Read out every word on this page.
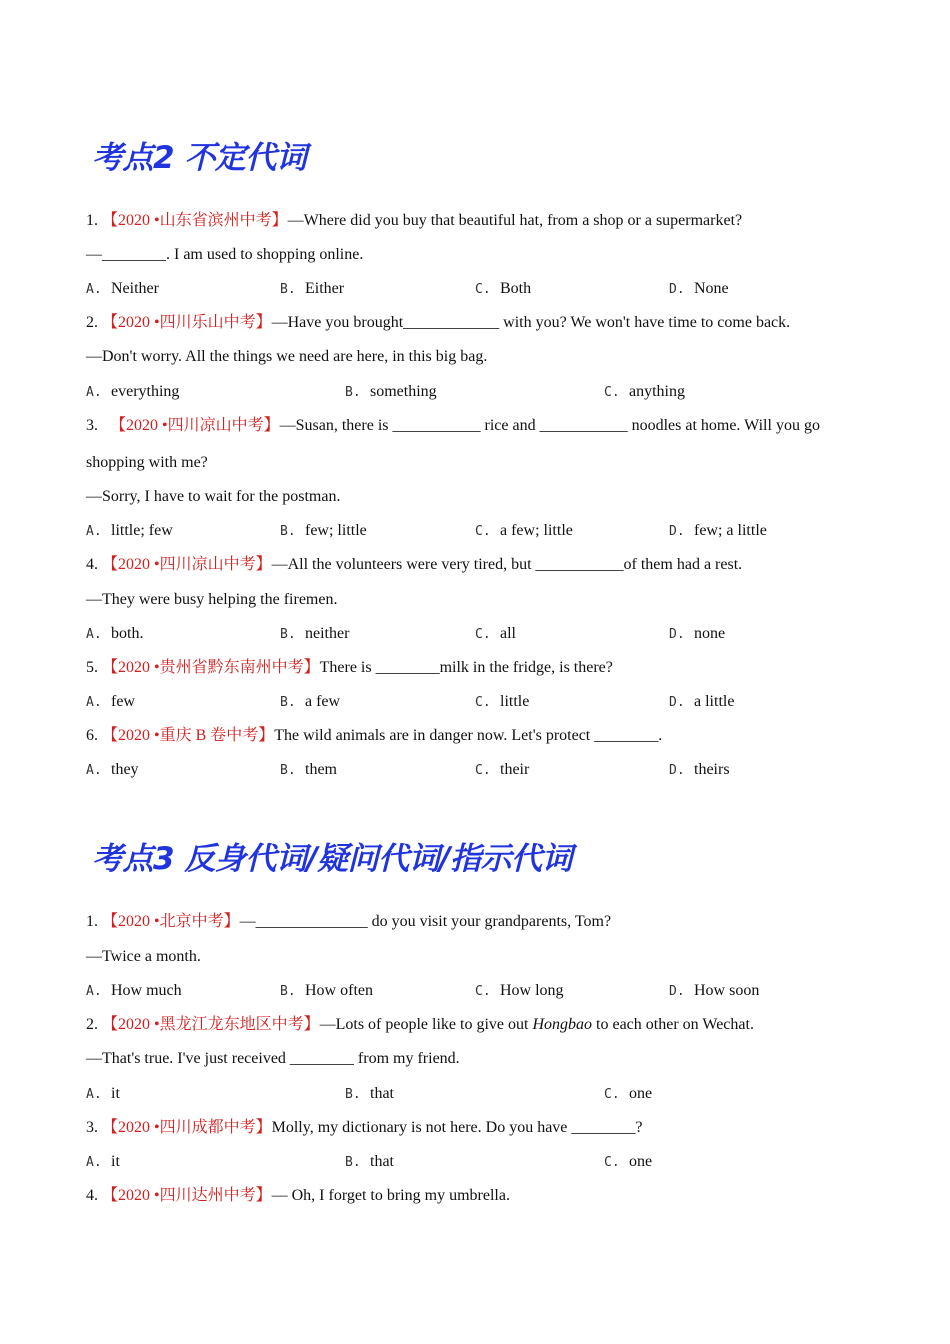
考点2 不定代词
1. 【2020 •山东省滨州中考】—Where did you buy that beautiful hat, from a shop or a supermarket?
—________. I am used to shopping online.
A. Neither	B. Either	C. Both	D. None
2. 【2020 •四川乐山中考】—Have you brought____________ with you? We won't have time to come back.
—Don't worry. All the things we need are here, in this big bag.
A. everything	B. something	C. anything
3. 【2020 •四川凉山中考】—Susan, there is ___________ rice and ___________ noodles at home. Will you go
shopping with me?
—Sorry, I have to wait for the postman.
A. little; few	B. few; little	C. a few; little	D. few; a little
4. 【2020 •四川凉山中考】—All the volunteers were very tired, but ___________of them had a rest.
—They were busy helping the firemen.
A. both.	B. neither	C. all	D. none
5. 【2020 •贵州省黔东南州中考】There is ________milk in the fridge, is there?
A. few	B. a few	C. little	D. a little
6. 【2020 •重庆 B 卷中考】The wild animals are in danger now. Let's protect ________.
A. they	B. them	C. their	D. theirs
考点3 反身代词/疑问代词/指示代词
1. 【2020 •北京中考】—______________ do you visit your grandparents, Tom?
—Twice a month.
A. How much	B. How often	C. How long	D. How soon
2. 【2020 •黑龙江龙东地区中考】—Lots of people like to give out Hongbao to each other on Wechat.
—That's true. I've just received ________ from my friend.
A. it	B. that	C. one
3. 【2020 •四川成都中考】Molly, my dictionary is not here. Do you have ________?
A. it	B. that	C. one
4. 【2020 •四川达州中考】— Oh, I forget to bring my umbrella.
